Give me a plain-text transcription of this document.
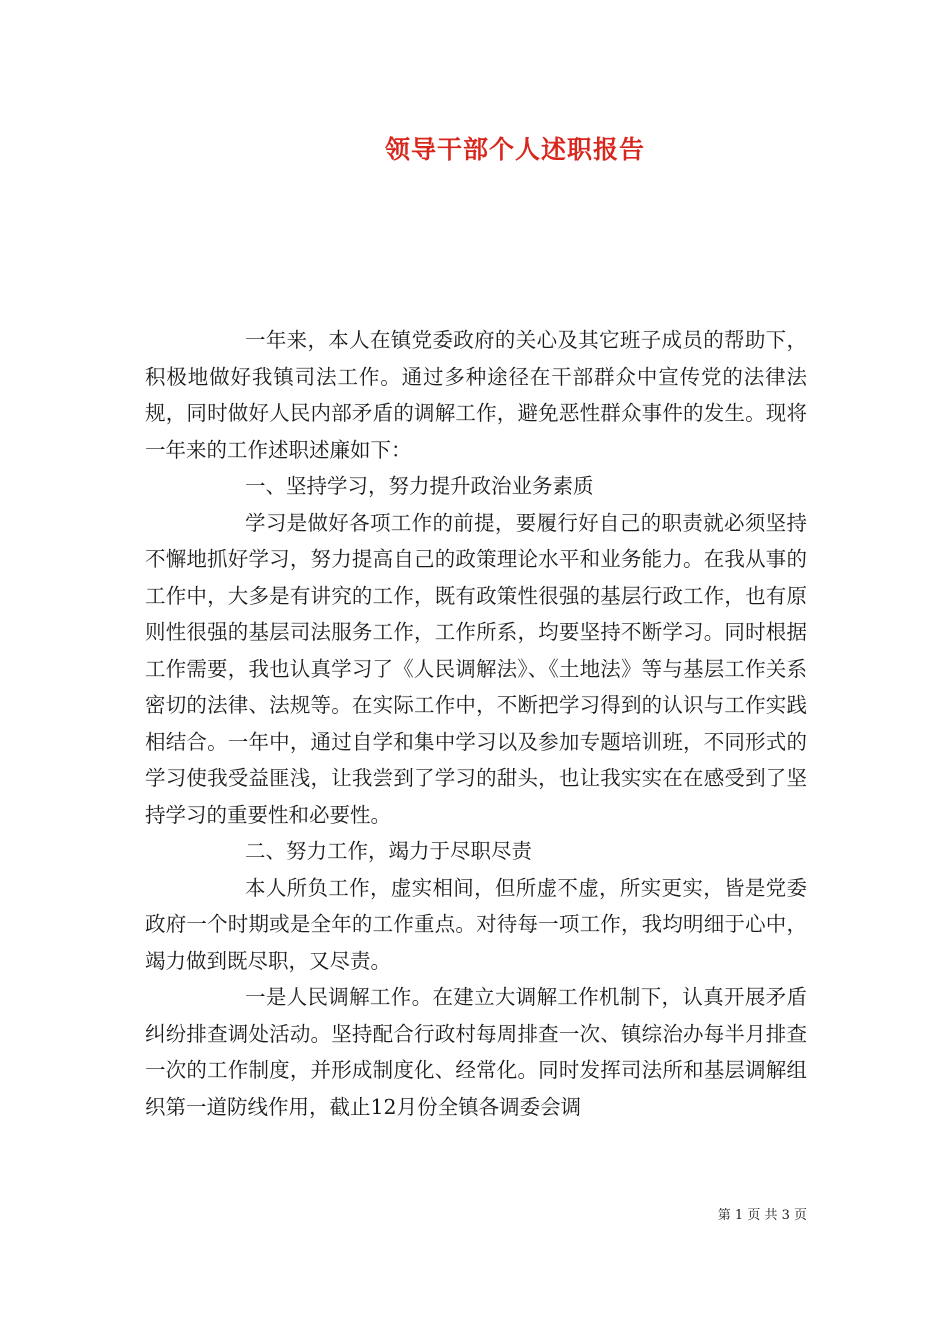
领导干部个人述职报告

一年来，本人在镇党委政府的关心及其它班子成员的帮助下，积极地做好我镇司法工作。通过多种途径在干部群众中宣传党的法律法规，同时做好人民内部矛盾的调解工作，避免恶性群众事件的发生。现将一年来的工作述职述廉如下：

一、坚持学习，努力提升政治业务素质

学习是做好各项工作的前提，要履行好自己的职责就必须坚持不懈地抓好学习，努力提高自己的政策理论水平和业务能力。在我从事的工作中，大多是有讲究的工作，既有政策性很强的基层行政工作，也有原则性很强的基层司法服务工作，工作所系，均要坚持不断学习。同时根据工作需要，我也认真学习了《人民调解法》、《土地法》等与基层工作关系密切的法律、法规等。在实际工作中，不断把学习得到的认识与工作实践相结合。一年中，通过自学和集中学习以及参加专题培训班，不同形式的学习使我受益匪浅，让我尝到了学习的甜头，也让我实实在在感受到了坚持学习的重要性和必要性。

二、努力工作，竭力于尽职尽责

本人所负工作，虚实相间，但所虚不虚，所实更实，皆是党委政府一个时期或是全年的工作重点。对待每一项工作，我均明细于心中，竭力做到既尽职，又尽责。

一是人民调解工作。在建立大调解工作机制下，认真开展矛盾纠纷排查调处活动。坚持配合行政村每周排查一次、镇综治办每半月排查一次的工作制度，并形成制度化、经常化。同时发挥司法所和基层调解组织第一道防线作用，截止12月份全镇各调委会调

第 1 页 共 3 页
